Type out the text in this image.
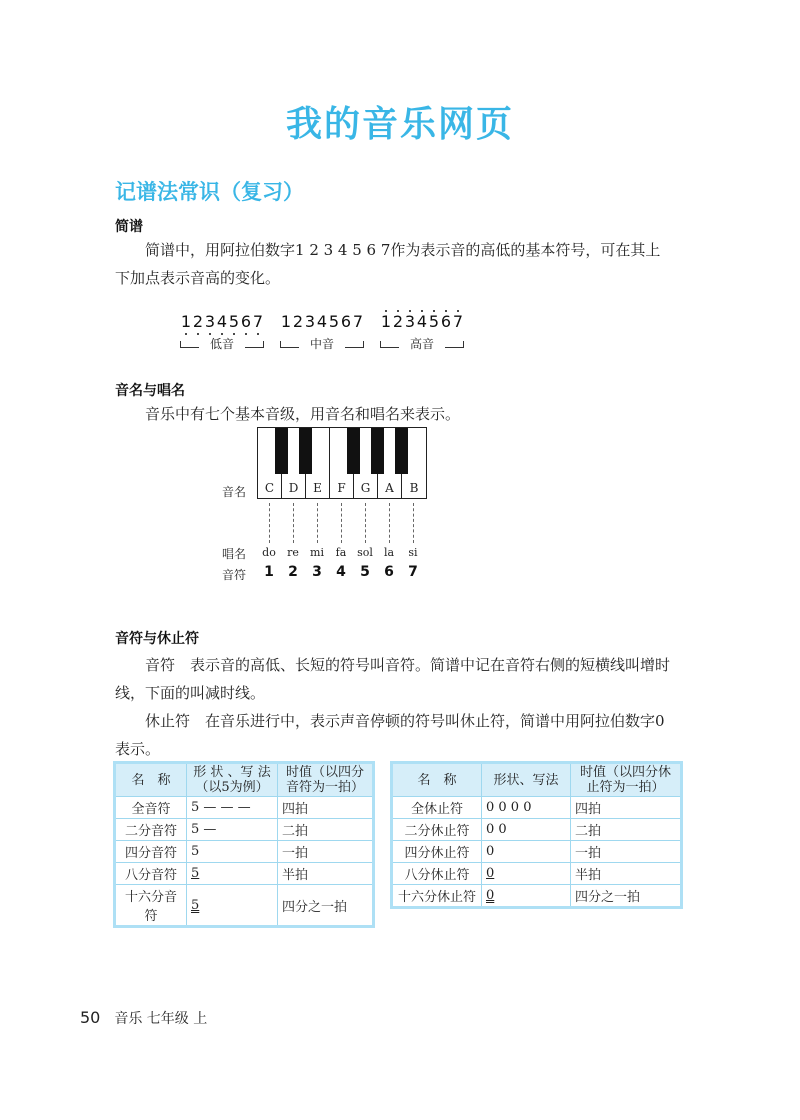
我的音乐网页
记谱法常识（复习）
简谱
简谱中，用阿拉伯数字1 2 3 4 5 6 7作为表示音的高低的基本符号，可在其上下加点表示音高的变化。
1 2 3 4 5 6 7 1 2 3 4 5 6 7 1 2 3 4 5 6 7
低音	中音	高音
音名与唱名
音乐中有七个基本音级，用音名和唱名来表示。
C	D	E	F	G	A	B
音名
唱名	do	re	mi	fa sol	la	si
音符	1	2	3	4	5	6	7
音符与休止符
音符　表示音的高低、长短的符号叫音符。简谱中记在音符右侧的短横线叫增时线，下面的叫减时线。
休止符　在音乐进行中，表示声音停顿的符号叫休止符，简谱中用阿拉伯数字0表示。
名　称	形 状 、写 法（以5为例）	时值（以四分音符为一拍）
全音符	5 — — —	四拍
二分音符	5 —	二拍
四分音符	5	一拍
八分音符	5	半拍
十六分音符	5	四分之一拍
名　称	形状、写法	时值（以四分休止符为一拍）
全休止符	0 0 0 0	四拍
二分休止符	0 0	二拍
四分休止符	0	一拍
八分休止符	0	半拍
十六分休止符	0	四分之一拍
50 音乐 七年级 上
